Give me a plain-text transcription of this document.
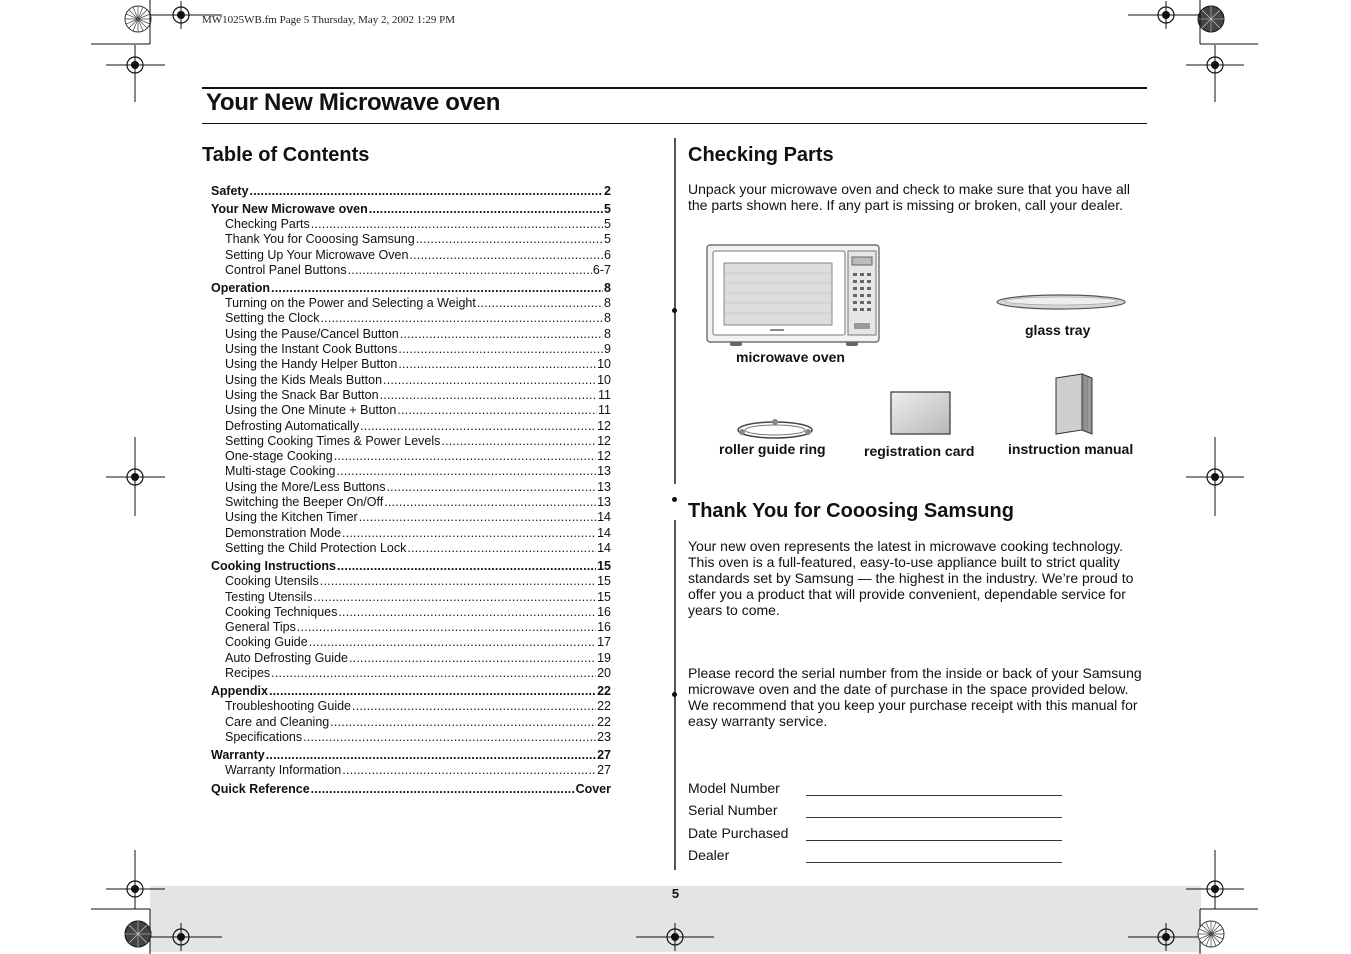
MW1025WB.fm Page 5 Thursday, May 2, 2002 1:29 PM
Your New Microwave oven
Table of Contents
Safety .....	2
Your New Microwave oven .....	5
Checking Parts .....	5
Thank You for Cooosing Samsung .....	5
Setting Up Your Microwave Oven .....	6
Control Panel Buttons .....	6-7
Operation .....	8
Turning on the Power and Selecting a Weight .....	8
Setting the Clock .....	8
Using the Pause/Cancel Button .....	8
Using the Instant Cook Buttons .....	9
Using the Handy Helper Button .....	10
Using the Kids Meals Button .....	10
Using the Snack Bar Button .....	11
Using the One Minute + Button .....	11
Defrosting Automatically .....	12
Setting Cooking Times & Power Levels .....	12
One-stage Cooking .....	12
Multi-stage Cooking .....	13
Using the More/Less Buttons .....	13
Switching the Beeper On/Off .....	13
Using the Kitchen Timer .....	14
Demonstration Mode .....	14
Setting the Child Protection Lock .....	14
Cooking Instructions .....	15
Cooking Utensils .....	15
Testing Utensils .....	15
Cooking Techniques .....	16
General Tips .....	16
Cooking Guide .....	17
Auto Defrosting Guide .....	19
Recipes .....	20
Appendix .....	22
Troubleshooting Guide .....	22
Care and Cleaning .....	22
Specifications .....	23
Warranty .....	27
Warranty Information .....	27
Quick Reference .....	Cover
Checking Parts
Unpack your microwave oven and check to make sure that you have all the parts shown here. If any part is missing or broken, call your dealer.
microwave oven
glass tray
roller guide ring	registration card instruction manual
Thank You for Cooosing Samsung
Your new oven represents the latest in microwave cooking technology. This oven is a full-featured, easy-to-use appliance built to strict quality standards set by Samsung — the highest in the industry. We’re proud to offer you a product that will provide convenient, dependable service for years to come.
Please record the serial number from the inside or back of your Samsung microwave oven and the date of purchase in the space provided below. We recommend that you keep your purchase receipt with this manual for easy warranty service.
Model Number
Serial Number
Date Purchased
Dealer
5
